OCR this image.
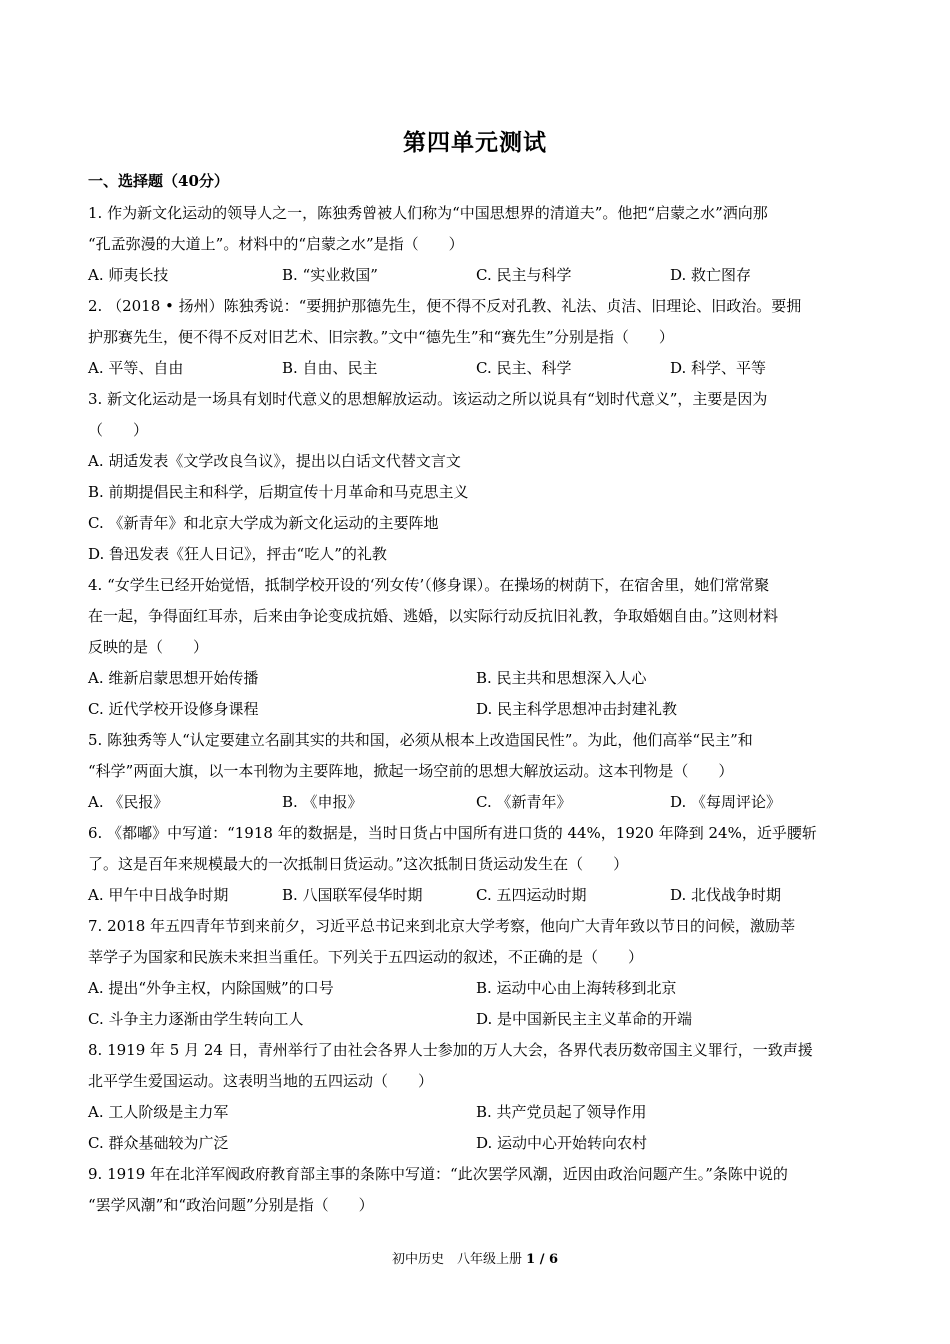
第四单元测试
一、选择题（40分）
1. 作为新文化运动的领导人之一，陈独秀曾被人们称为“中国思想界的清道夫”。他把“启蒙之水”洒向那
“孔孟弥漫的大道上”。材料中的“启蒙之水”是指（　　）
A. 师夷长技	B. “实业救国”	C. 民主与科学	D. 救亡图存
2. （2018 • 扬州）陈独秀说：“要拥护那德先生，便不得不反对孔教、礼法、贞洁、旧理论、旧政治。要拥
护那赛先生，便不得不反对旧艺术、旧宗教。”文中“德先生”和“赛先生”分别是指（　　）
A. 平等、自由	B. 自由、民主	C. 民主、科学	D. 科学、平等
3. 新文化运动是一场具有划时代意义的思想解放运动。该运动之所以说具有“划时代意义”，主要是因为
（　　）
A. 胡适发表《文学改良刍议》，提出以白话文代替文言文
B. 前期提倡民主和科学，后期宣传十月革命和马克思主义
C. 《新青年》和北京大学成为新文化运动的主要阵地
D. 鲁迅发表《狂人日记》，抨击“吃人”的礼教
4. “女学生已经开始觉悟，抵制学校开设的‘列女传’（修身课）。在操场的树荫下，在宿舍里，她们常常聚
在一起，争得面红耳赤，后来由争论变成抗婚、逃婚，以实际行动反抗旧礼教，争取婚姻自由。”这则材料
反映的是（　　）
A. 维新启蒙思想开始传播	B. 民主共和思想深入人心
C. 近代学校开设修身课程	D. 民主科学思想冲击封建礼教
5. 陈独秀等人“认定要建立名副其实的共和国，必须从根本上改造国民性”。为此，他们高举“民主”和
“科学”两面大旗，以一本刊物为主要阵地，掀起一场空前的思想大解放运动。这本刊物是（　　）
A. 《民报》	B. 《申报》	C. 《新青年》	D. 《每周评论》
6. 《都嘟》中写道：“1918 年的数据是，当时日货占中国所有进口货的 44%，1920 年降到 24%，近乎腰斩
了。这是百年来规模最大的一次抵制日货运动。”这次抵制日货运动发生在（　　）
A. 甲午中日战争时期	B. 八国联军侵华时期	C. 五四运动时期	D. 北伐战争时期
7. 2018 年五四青年节到来前夕，习近平总书记来到北京大学考察，他向广大青年致以节日的问候，激励莘
莘学子为国家和民族未来担当重任。下列关于五四运动的叙述，不正确的是（　　）
A. 提出“外争主权，内除国贼”的口号	B. 运动中心由上海转移到北京
C. 斗争主力逐渐由学生转向工人	D. 是中国新民主主义革命的开端
8. 1919 年 5 月 24 日，青州举行了由社会各界人士参加的万人大会，各界代表历数帝国主义罪行，一致声援
北平学生爱国运动。这表明当地的五四运动（　　）
A. 工人阶级是主力军	B. 共产党员起了领导作用
C. 群众基础较为广泛	D. 运动中心开始转向农村
9. 1919 年在北洋军阀政府教育部主事的条陈中写道：“此次罢学风潮，近因由政治问题产生。”条陈中说的
“罢学风潮”和“政治问题”分别是指（　　）
初中历史　八年级上册 1 / 6
